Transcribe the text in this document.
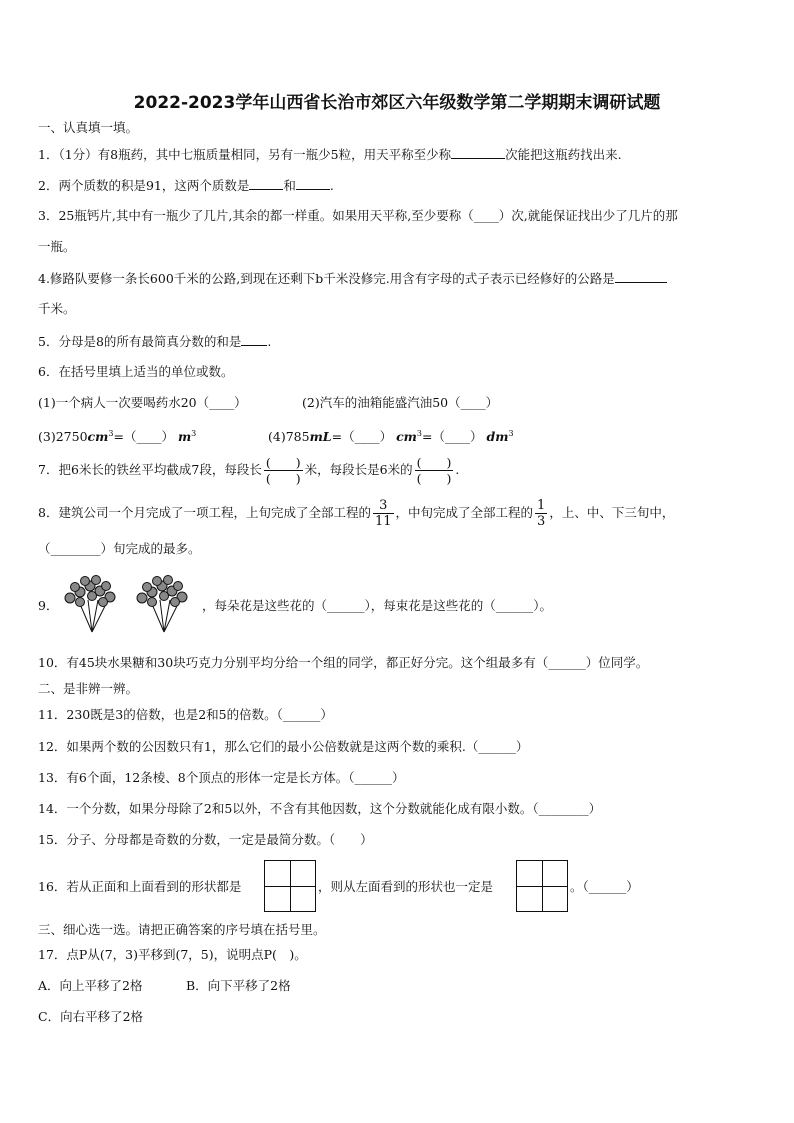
2022-2023学年山西省长治市郊区六年级数学第二学期期末调研试题
一、认真填一填。
1．（1分）有8瓶药，其中七瓶质量相同，另有一瓶少5粒，用天平称至少称	次能把这瓶药找出来.
2．两个质数的积是91，这两个质数是	和	.
3．25瓶钙片,其中有一瓶少了几片,其余的都一样重。如果用天平称,至少要称（____）次,就能保证找出少了几片的那
一瓶。
4.修路队要修一条长600千米的公路,到现在还剩下b千米没修完.用含有字母的式子表示已经修好的公路是
千米。
5．分母是8的所有最简真分数的和是 .
6．在括号里填上适当的单位或数。
(1)一个病人一次要喝药水20（____）	(2)汽车的油箱能盛汽油50（____）
$(3)2750cm^3=(\_\_\_\_)$ $m^3$	(4)785mL=（____） $cm^3=(\_\_\_\_)$ $dm^3$
7．把6米长的铁丝平均截成7段，每段长 $\frac{( )}{( )}$ 米，每段长是6米的 $\frac{( )}{( )}$ .
8．建筑公司一个月完成了一项工程，上旬完成了全部工程的 $\frac{3}{11}$ ，中旬完成了全部工程的 $\frac{1}{3}$ ，上、中、下三旬中，
（________）旬完成的最多。
9．	，每朵花是这些花的（______），每束花是这些花的（______）。
10．有45块水果糖和30块巧克力分别平均分给一个组的同学，都正好分完。这个组最多有（______）位同学。
二、是非辨一辨。
11．230既是3的倍数，也是2和5的倍数。（______）
12．如果两个数的公因数只有1，那么它们的最小公倍数就是这两个数的乘积.（______）
13．有6个面，12条棱、8个顶点的形体一定是长方体。（______）
14．一个分数，如果分母除了2和5以外，不含有其他因数，这个分数就能化成有限小数。（________）
15．分子、分母都是奇数的分数，一定是最简分数。（　　）
16．若从正面和上面看到的形状都是	，则从左面看到的形状也一定是	。（______）
三、细心选一选。请把正确答案的序号填在括号里。
17．点P从(7，3)平移到(7，5)，说明点P(　)。
A．向上平移了2格	B．向下平移了2格
C．向右平移了2格
